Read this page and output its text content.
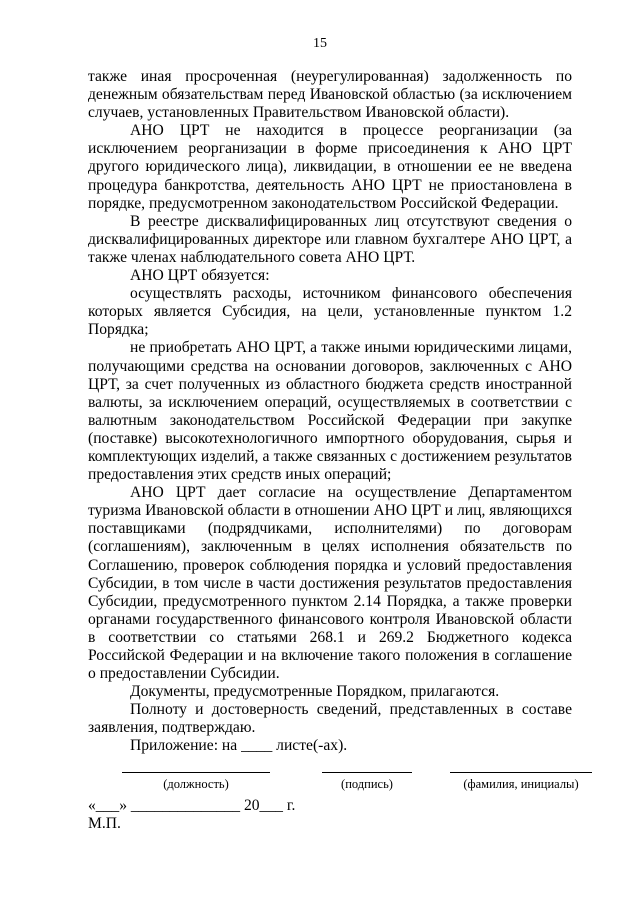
15

также иная просроченная (неурегулированная) задолженность по денежным обязательствам перед Ивановской областью (за исключением случаев, установленных Правительством Ивановской области).

АНО ЦРТ не находится в процессе реорганизации (за исключением реорганизации в форме присоединения к АНО ЦРТ другого юридического лица), ликвидации, в отношении ее не введена процедура банкротства, деятельность АНО ЦРТ не приостановлена в порядке, предусмотренном законодательством Российской Федерации.

В реестре дисквалифицированных лиц отсутствуют сведения о дисквалифицированных директоре или главном бухгалтере АНО ЦРТ, а также членах наблюдательного совета АНО ЦРТ.

АНО ЦРТ обязуется:

осуществлять расходы, источником финансового обеспечения которых является Субсидия, на цели, установленные пунктом 1.2 Порядка;

не приобретать АНО ЦРТ, а также иными юридическими лицами, получающими средства на основании договоров, заключенных с АНО ЦРТ, за счет полученных из областного бюджета средств иностранной валюты, за исключением операций, осуществляемых в соответствии с валютным законодательством Российской Федерации при закупке (поставке) высокотехнологичного импортного оборудования, сырья и комплектующих изделий, а также связанных с достижением результатов предоставления этих средств иных операций;

АНО ЦРТ дает согласие на осуществление Департаментом туризма Ивановской области в отношении АНО ЦРТ и лиц, являющихся поставщиками (подрядчиками, исполнителями) по договорам (соглашениям), заключенным в целях исполнения обязательств по Соглашению, проверок соблюдения порядка и условий предоставления Субсидии, в том числе в части достижения результатов предоставления Субсидии, предусмотренного пунктом 2.14 Порядка, а также проверки органами государственного финансового контроля Ивановской области в соответствии со статьями 268.1 и 269.2 Бюджетного кодекса Российской Федерации и на включение такого положения в соглашение о предоставлении Субсидии.

Документы, предусмотренные Порядком, прилагаются.

Полноту и достоверность сведений, представленных в составе заявления, подтверждаю.

Приложение: на ____ листе(-ах).

(должность)	(подпись)	(фамилия, инициалы)
«___» ______________ 20___ г.
М.П.
